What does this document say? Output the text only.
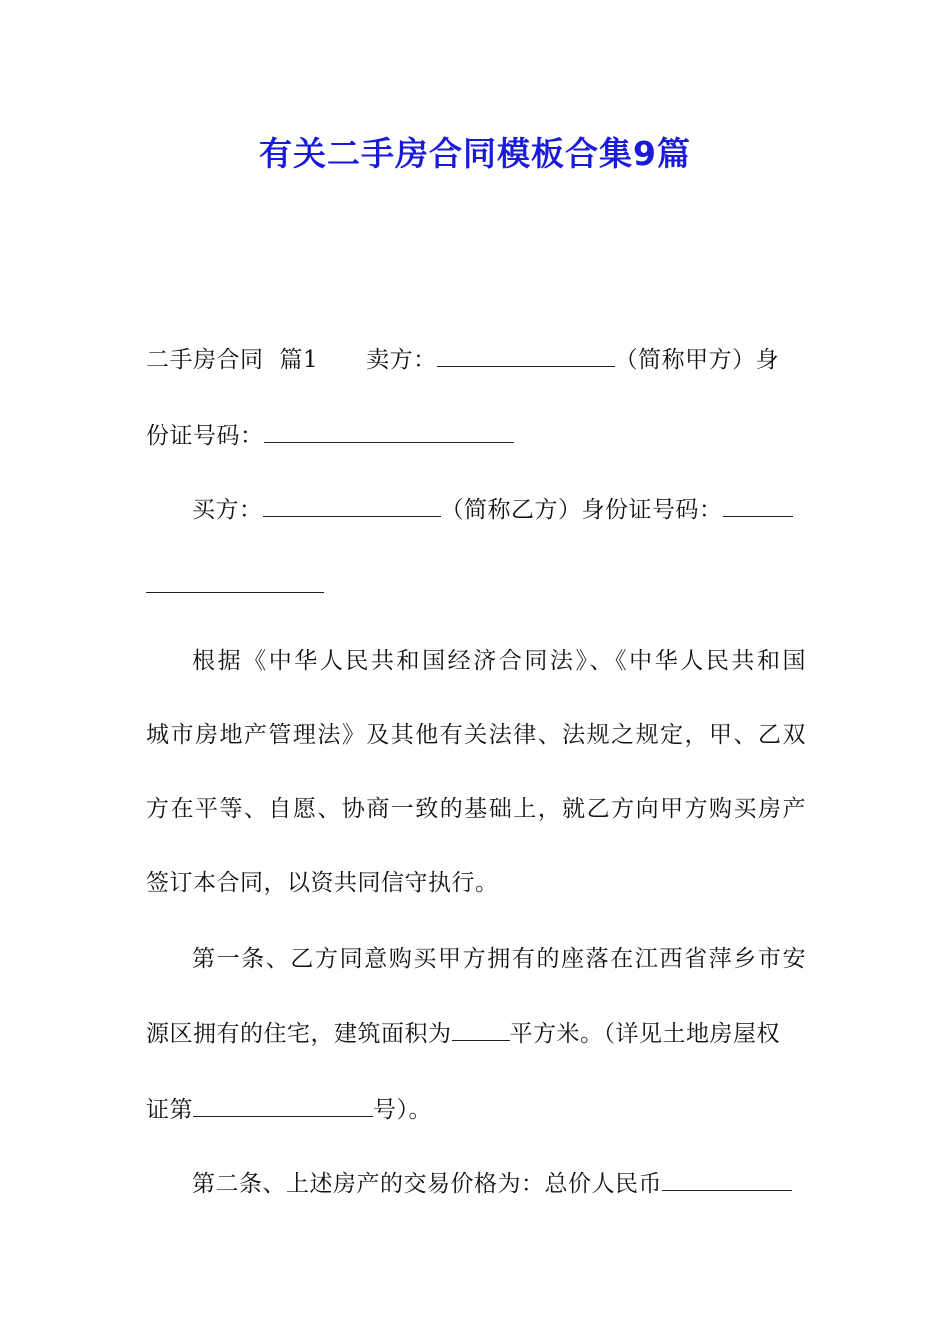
有关二手房合同模板合集9篇
二手房合同 篇1 卖方：	（简称甲方）身
份证号码：
买方：	（简称乙方）身份证号码：
根据《中华人民共和国经济合同法》、《中华人民共和国
城市房地产管理法》及其他有关法律、法规之规定，甲、乙双
方在平等、自愿、协商一致的基础上，就乙方向甲方购买房产
签订本合同，以资共同信守执行。
第一条、乙方同意购买甲方拥有的座落在江西省萍乡市安
源区拥有的住宅，建筑面积为	平方米。（详见土地房屋权
证第	号）。
第二条、上述房产的交易价格为：总价人民币
